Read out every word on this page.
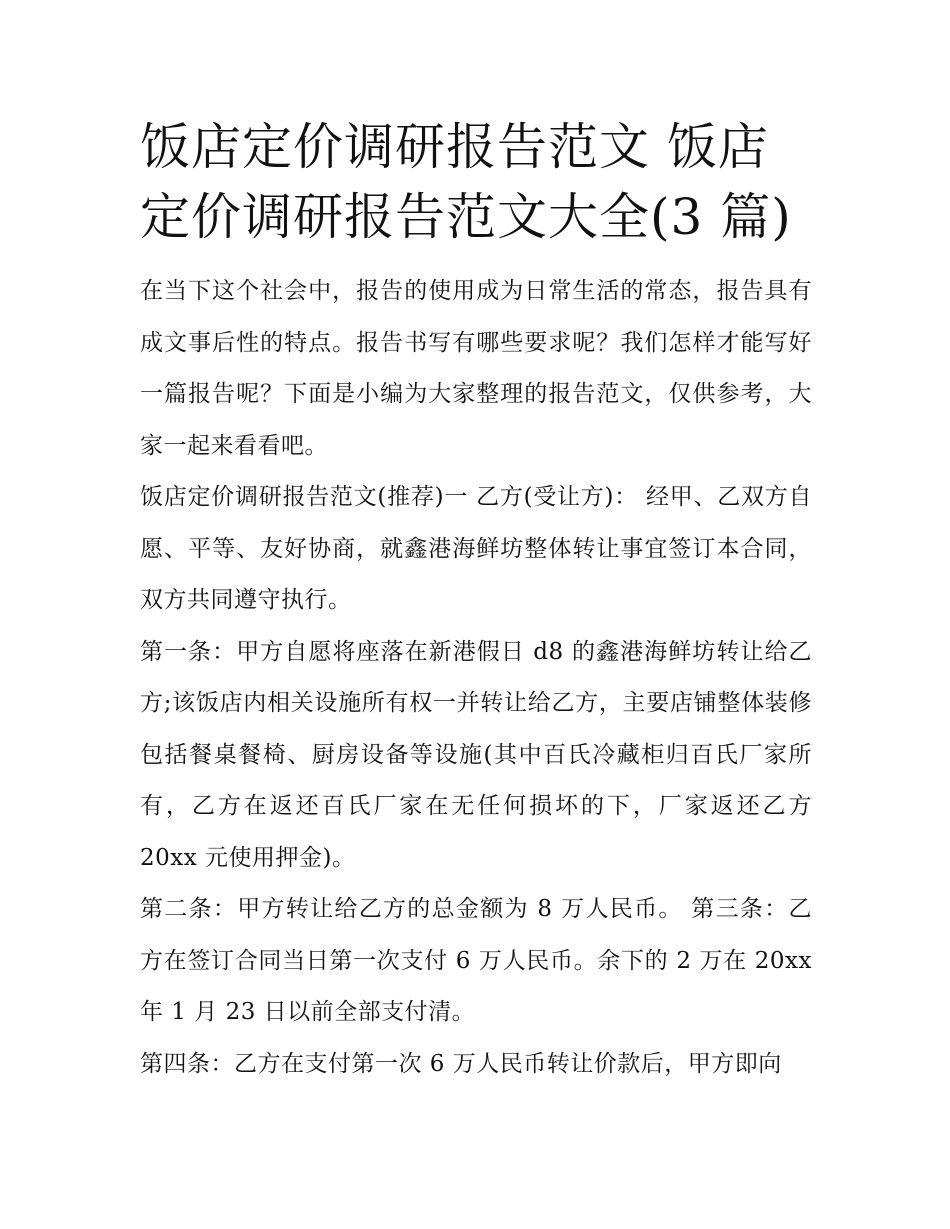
饭店定价调研报告范文 饭店定价调研报告范文大全(3 篇)

在当下这个社会中，报告的使用成为日常生活的常态，报告具有成文事后性的特点。报告书写有哪些要求呢？我们怎样才能写好一篇报告呢？下面是小编为大家整理的报告范文，仅供参考，大家一起来看看吧。

饭店定价调研报告范文(推荐)一 乙方(受让方)： 经甲、乙双方自愿、平等、友好协商，就鑫港海鲜坊整体转让事宜签订本合同，双方共同遵守执行。

第一条：甲方自愿将座落在新港假日 d8 的鑫港海鲜坊转让给乙方;该饭店内相关设施所有权一并转让给乙方，主要店铺整体装修包括餐桌餐椅、厨房设备等设施(其中百氏冷藏柜归百氏厂家所有，乙方在返还百氏厂家在无任何损坏的下，厂家返还乙方 20xx 元使用押金)。

第二条：甲方转让给乙方的总金额为 8 万人民币。 第三条：乙方在签订合同当日第一次支付 6 万人民币。余下的 2 万在 20xx 年 1 月 23 日以前全部支付清。

第四条：乙方在支付第一次 6 万人民币转让价款后，甲方即向
